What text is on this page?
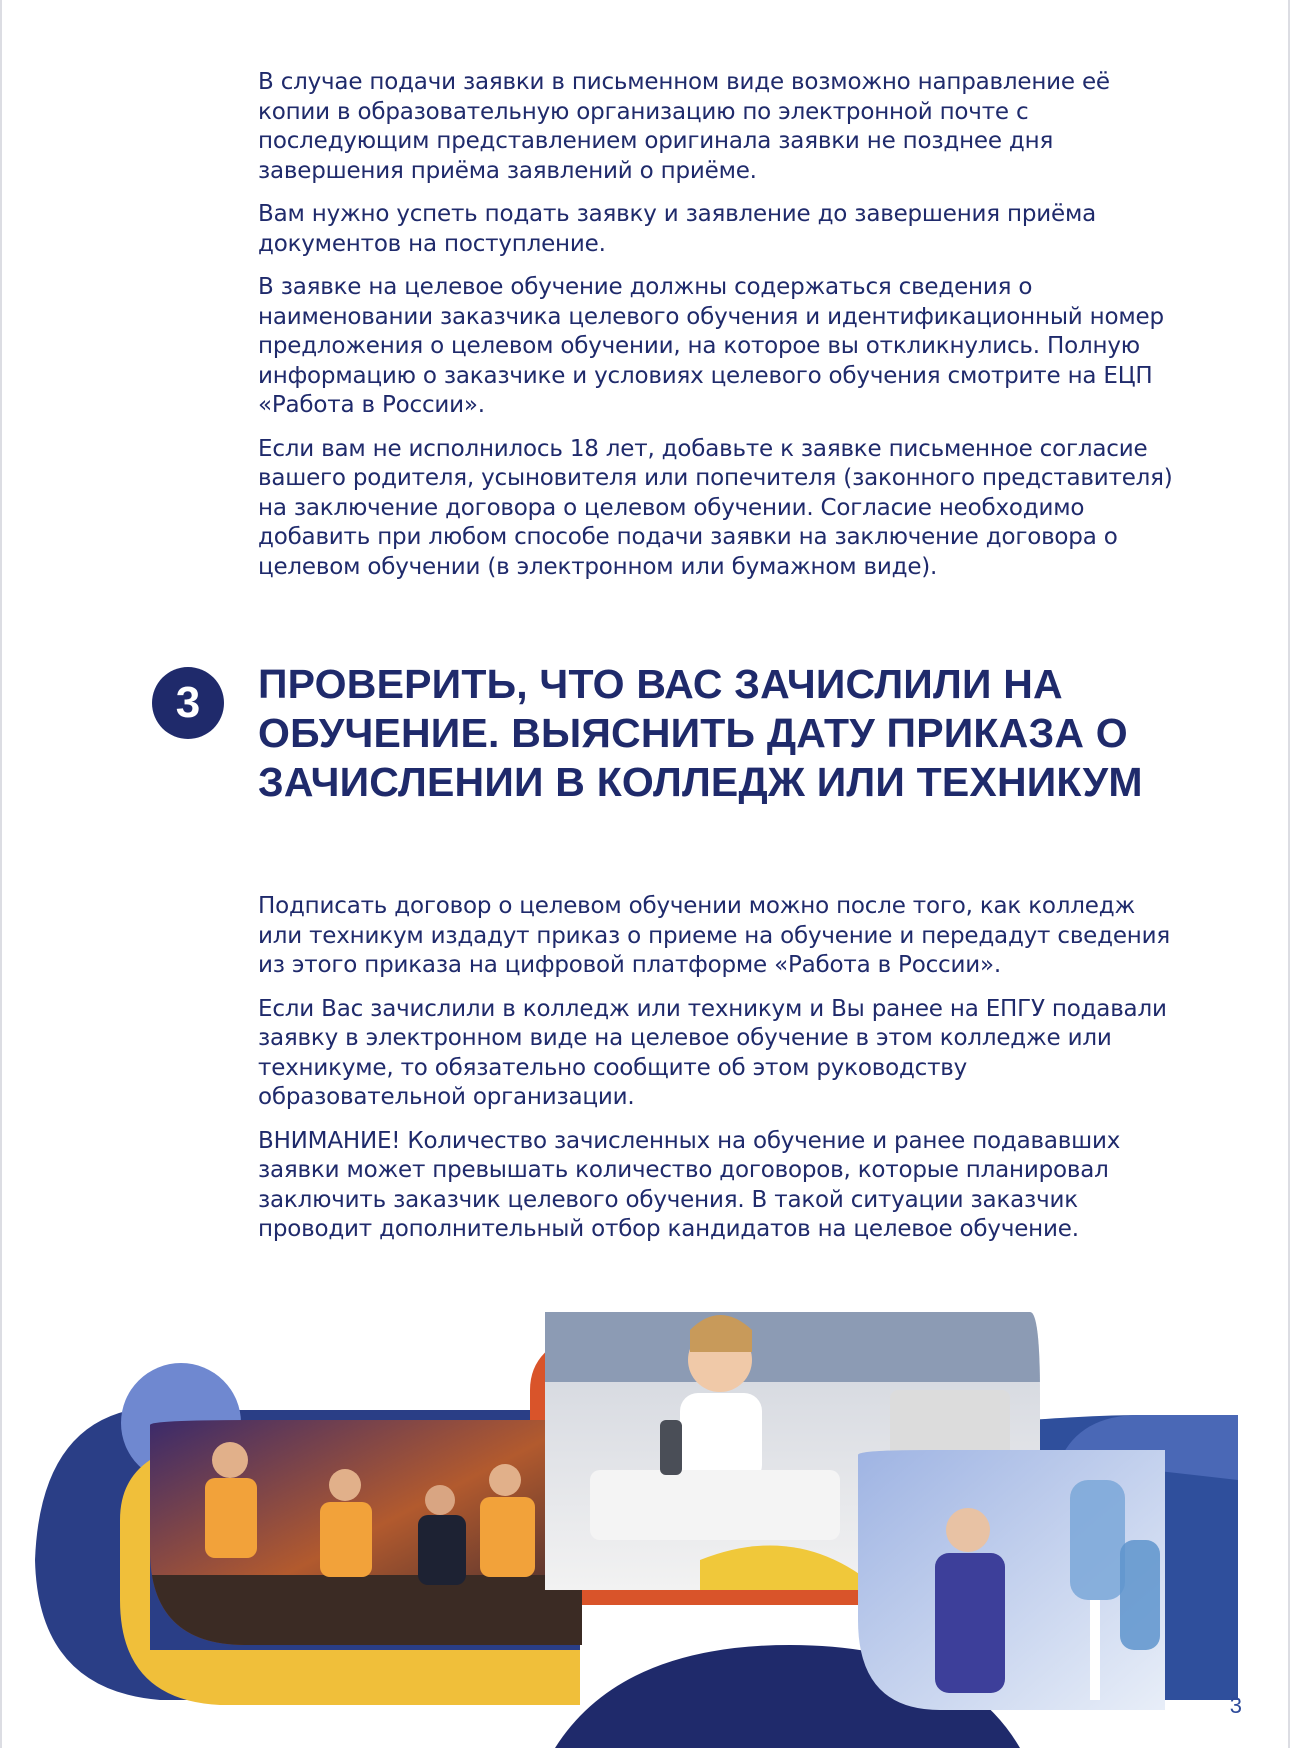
В случае подачи заявки в письменном виде возможно направление её копии в образовательную организацию по электронной почте с последующим представлением оригинала заявки не позднее дня завершения приёма заявлений о приёме.

Вам нужно успеть подать заявку и заявление до завершения приёма документов на поступление.

В заявке на целевое обучение должны содержаться сведения о наименовании заказчика целевого обучения и идентификационный номер предложения о целевом обучении, на которое вы откликнулись. Полную информацию о заказчике и условиях целевого обучения смотрите на ЕЦП «Работа в России».

Если вам не исполнилось 18 лет, добавьте к заявке письменное согласие вашего родителя, усыновителя или попечителя (законного представителя) на заключение договора о целевом обучении. Согласие необходимо добавить при любом способе подачи заявки на заключение договора о целевом обучении (в электронном или бумажном виде).

3	ПРОВЕРИТЬ, ЧТО ВАС ЗАЧИСЛИЛИ НА ОБУЧЕНИЕ. ВЫЯСНИТЬ ДАТУ ПРИКАЗА О ЗАЧИСЛЕНИИ В КОЛЛЕДЖ ИЛИ ТЕХНИКУМ

Подписать договор о целевом обучении можно после того, как колледж или техникум издадут приказ о приеме на обучение и передадут сведения из этого приказа на цифровой платформе «Работа в России».

Если Вас зачислили в колледж или техникум и Вы ранее на ЕПГУ подавали заявку в электронном виде на целевое обучение в этом колледже или техникуме, то обязательно сообщите об этом руководству образовательной организации.

ВНИМАНИЕ! Количество зачисленных на обучение и ранее подававших заявки может превышать количество договоров, которые планировал заключить заказчик целевого обучения. В такой ситуации заказчик проводит дополнительный отбор кандидатов на целевое обучение.

3
